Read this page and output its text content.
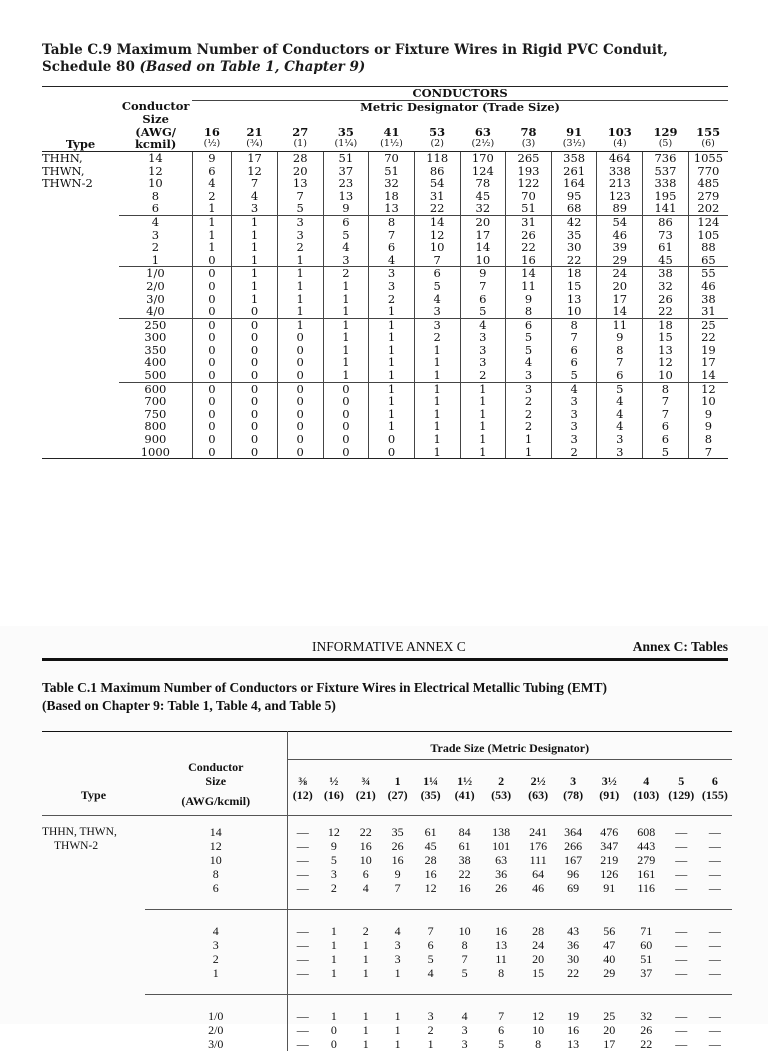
Table C.9 Maximum Number of Conductors or Fixture Wires in Rigid PVC Conduit,

Schedule 80 (Based on Table 1, Chapter 9)

		CONDUCTORS											
	Conductor	Metric Designator (Trade Size)											
	Size												
	(AWG/	16	21	27	35	41	53	63	78	91	103	129	155
Type	kcmil)	(½)	(¾)	(1)	(1¼)	(1½)	(2)	(2½)	(3)	(3½)	(4)	(5)	(6)
THHN,	14	9	17	28	51	70	118	170	265	358	464	736	1055
THWN,	12	6	12	20	37	51	86	124	193	261	338	537	770
THWN-2	10	4	7	13	23	32	54	78	122	164	213	338	485
	8	2	4	7	13	18	31	45	70	95	123	195	279
	6	1	3	5	9	13	22	32	51	68	89	141	202
	4	1	1	3	6	8	14	20	31	42	54	86	124
	3	1	1	3	5	7	12	17	26	35	46	73	105
	2	1	1	2	4	6	10	14	22	30	39	61	88
	1	0	1	1	3	4	7	10	16	22	29	45	65
	1/0	0	1	1	2	3	6	9	14	18	24	38	55
	2/0	0	1	1	1	3	5	7	11	15	20	32	46
	3/0	0	1	1	1	2	4	6	9	13	17	26	38
	4/0	0	0	1	1	1	3	5	8	10	14	22	31
	250	0	0	1	1	1	3	4	6	8	11	18	25
	300	0	0	0	1	1	2	3	5	7	9	15	22
	350	0	0	0	1	1	1	3	5	6	8	13	19
	400	0	0	0	1	1	1	3	4	6	7	12	17
	500	0	0	0	1	1	1	2	3	5	6	10	14
	600	0	0	0	0	1	1	1	3	4	5	8	12
	700	0	0	0	0	1	1	1	2	3	4	7	10
	750	0	0	0	0	1	1	1	2	3	4	7	9
	800	0	0	0	0	1	1	1	2	3	4	6	9
	900	0	0	0	0	0	1	1	1	3	3	6	8
	1000	0	0	0	0	0	1	1	1	2	3	5	7
INFORMATIVE ANNEX C	Annex C: Tables
Table C.1 Maximum Number of Conductors or Fixture Wires in Electrical Metallic Tubing (EMT)
(Based on Chapter 9: Table 1, Table 4, and Table 5)
		Trade Size (Metric Designator)												
	Conductor													
	Size	⅜	½	¾	1	1¼	1½	2	2½	3	3½	4	5	6
Type	(AWG/kcmil)	(12)	(16)	(21)	(27)	(35)	(41)	(53)	(63)	(78)	(91)	(103)	(129)	(155)
THHN, THWN,	14	—	12	22	35	61	84	138	241	364	476	608	—	—
THWN-2	12	—	9	16	26	45	61	101	176	266	347	443	—	—
	10	—	5	10	16	28	38	63	111	167	219	279	—	—
	8	—	3	6	9	16	22	36	64	96	126	161	—	—
	6	—	2	4	7	12	16	26	46	69	91	116	—	—
	4	—	1	2	4	7	10	16	28	43	56	71	—	—
	3	—	1	1	3	6	8	13	24	36	47	60	—	—
	2	—	1	1	3	5	7	11	20	30	40	51	—	—
	1	—	1	1	1	4	5	8	15	22	29	37	—	—
	1/0	—	1	1	1	3	4	7	12	19	25	32	—	—
	2/0	—	0	1	1	2	3	6	10	16	20	26	—	—
	3/0	—	0	1	1	1	3	5	8	13	17	22	—	—
